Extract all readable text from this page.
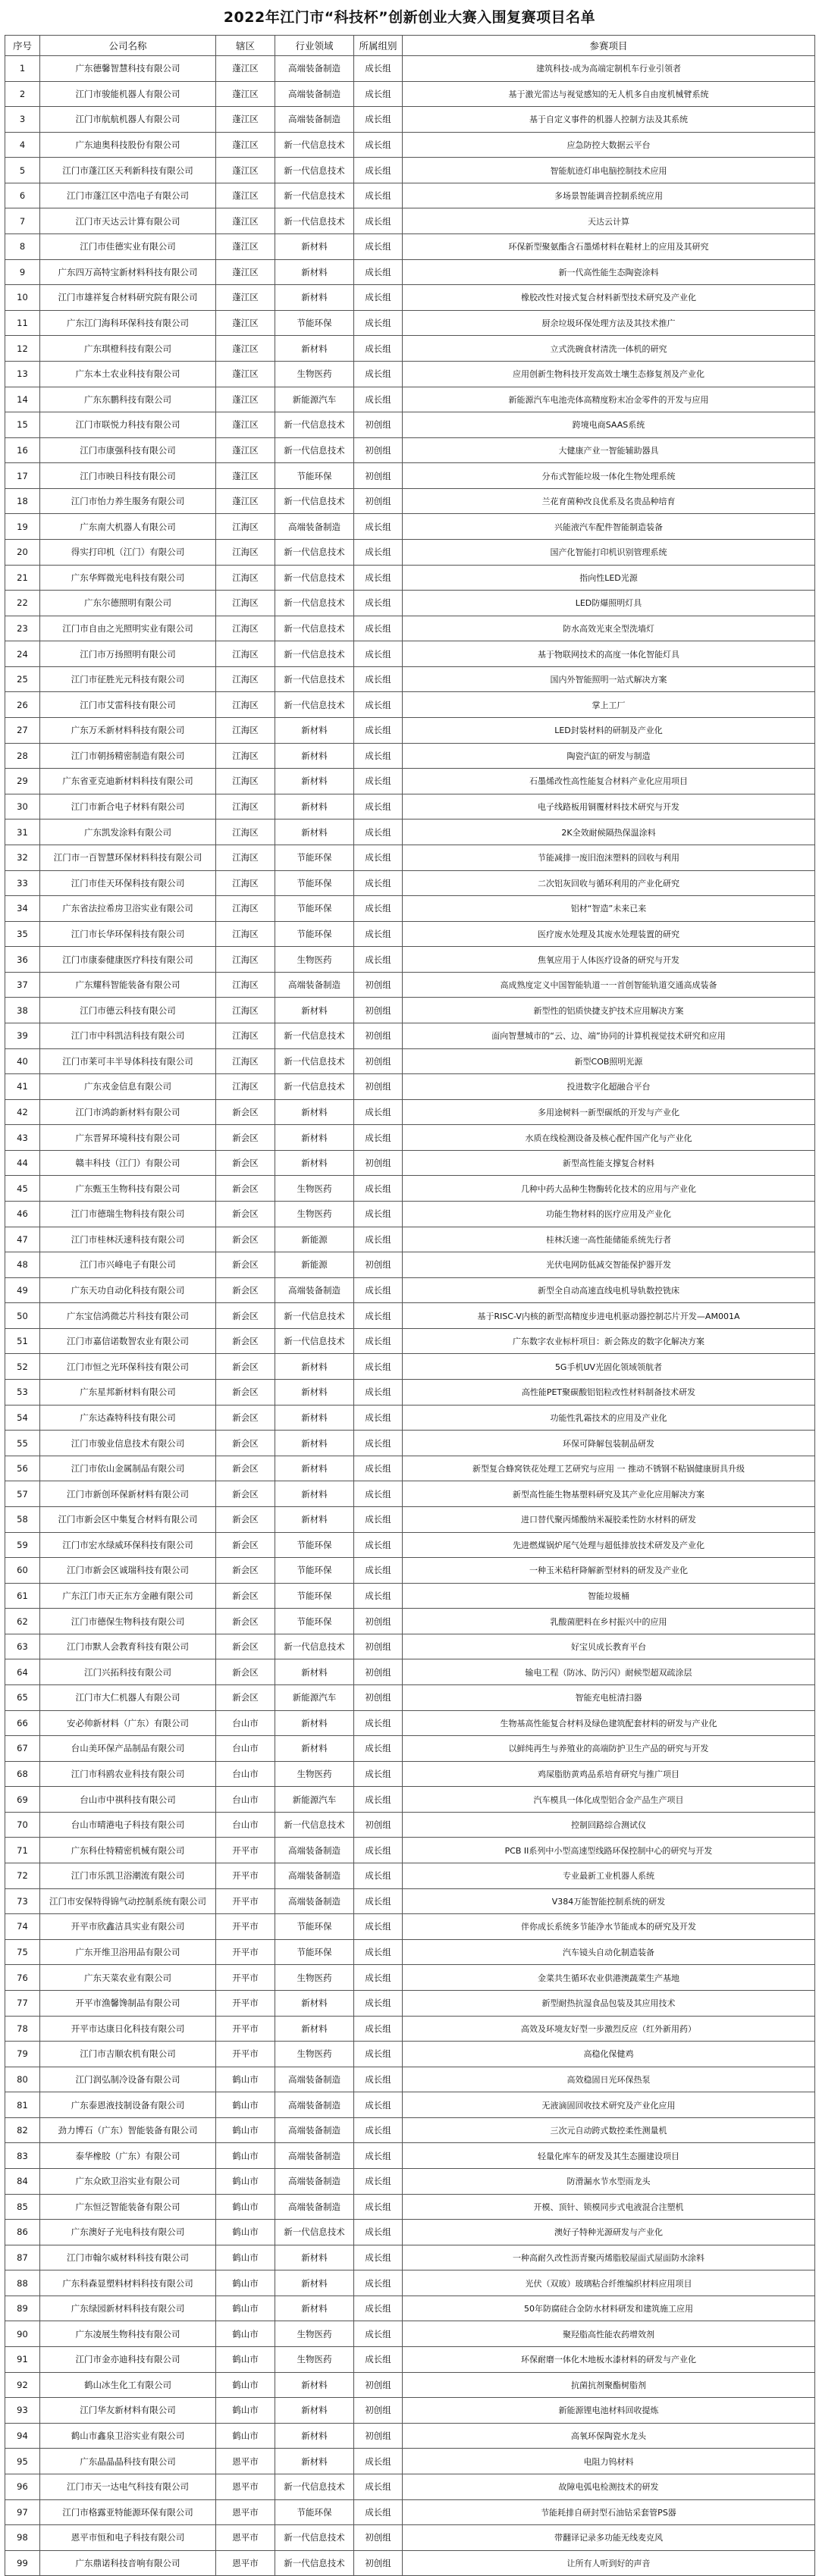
2022年江门市“科技杯”创新创业大赛入围复赛项目名单
序号	公司名称	辖区	行业领域	所属组别	参赛项目
1	广东德馨智慧科技有限公司	蓬江区	高端装备制造	成长组	建筑科技-成为高端定制机车行业引领者
2	江门市骏能机器人有限公司	蓬江区	高端装备制造	成长组	基于激光雷达与视觉感知的无人机多自由度机械臂系统
3	江门市航航机器人有限公司	蓬江区	高端装备制造	成长组	基于自定义事件的机器人控制方法及其系统
4	广东迪奥科技股份有限公司	蓬江区	新一代信息技术	成长组	应急防控大数据云平台
5	江门市蓬江区天利新科技有限公司	蓬江区	新一代信息技术	成长组	智能航迹灯串电脑控制技术应用
6	江门市蓬江区中浩电子有限公司	蓬江区	新一代信息技术	成长组	多场景智能调音控制系统应用
7	江门市天达云计算有限公司	蓬江区	新一代信息技术	成长组	天达云计算
8	江门市佳德实业有限公司	蓬江区	新材料	成长组	环保新型聚氨酯含石墨烯材料在鞋材上的应用及其研究
9	广东四万高特宝新材料科技有限公司	蓬江区	新材料	成长组	新一代高性能生态陶瓷涂料
10	江门市雄祥复合材料研究院有限公司	蓬江区	新材料	成长组	橡胶改性对接式复合材料新型技术研究及产业化
11	广东江门海科环保科技有限公司	蓬江区	节能环保	成长组	厨余垃圾环保处理方法及其技术推广
12	广东琪橙科技有限公司	蓬江区	新材料	成长组	立式洗碗食材清洗一体机的研究
13	广东本土农业科技有限公司	蓬江区	生物医药	成长组	应用创新生物科技开发高效土壤生态修复剂及产业化
14	广东东鹏科技有限公司	蓬江区	新能源汽车	成长组	新能源汽车电池壳体高精度粉末冶金零件的开发与应用
15	江门市联悦力科技有限公司	蓬江区	新一代信息技术	初创组	跨境电商SAAS系统
16	江门市康强科技有限公司	蓬江区	新一代信息技术	初创组	大健康产业一智能辅助器具
17	江门市映日科技有限公司	蓬江区	节能环保	初创组	分布式智能垃圾一体化生物处理系统
18	江门市怡力养生服务有限公司	蓬江区	新一代信息技术	初创组	兰花育菌种改良优系及名贵品种培育
19	广东南大机器人有限公司	江海区	高端装备制造	成长组	兴能液汽车配件智能制造装备
20	得实打印机（江门）有限公司	江海区	新一代信息技术	成长组	国产化智能打印机识别管理系统
21	广东华辉微光电科技有限公司	江海区	新一代信息技术	成长组	指向性LED光源
22	广东尔德照明有限公司	江海区	新一代信息技术	成长组	LED防爆照明灯具
23	江门市自由之光照明实业有限公司	江海区	新一代信息技术	成长组	防水高效光束全型洗墙灯
24	江门市万扬照明有限公司	江海区	新一代信息技术	成长组	基于物联网技术的高度一体化智能灯具
25	江门市征胜光元科技有限公司	江海区	新一代信息技术	成长组	国内外智能照明一站式解决方案
26	江门市艾雷科技有限公司	江海区	新一代信息技术	成长组	掌上工厂
27	广东万禾新材料科技有限公司	江海区	新材料	成长组	LED封装材料的研制及产业化
28	江门市朝扬精密制造有限公司	江海区	新材料	成长组	陶瓷汽缸的研发与制造
29	广东省亚克迪新材料科技有限公司	江海区	新材料	成长组	石墨烯改性高性能复合材料产业化应用项目
30	江门市新合电子材料有限公司	江海区	新材料	成长组	电子线路板用铜覆材料技术研究与开发
31	广东凯发涂料有限公司	江海区	新材料	成长组	2K全效耐候隔热保温涂料
32	江门市一百智慧环保材料科技有限公司	江海区	节能环保	成长组	节能减排一废旧泡沫塑料的回收与利用
33	江门市佳天环保科技有限公司	江海区	节能环保	成长组	二次铝灰回收与循环利用的产业化研究
34	广东省法拉希房卫浴实业有限公司	江海区	节能环保	成长组	铝材“智造”未来已来
35	江门市长华环保科技有限公司	江海区	节能环保	成长组	医疗废水处理及其废水处理装置的研究
36	江门市康泰健康医疗科技有限公司	江海区	生物医药	成长组	焦氧应用于人体医疗设备的研究与开发
37	广东耀科智能装备有限公司	江海区	高端装备制造	初创组	高成熟度定义中国智能轨道一一首创智能轨道交通高成装备
38	江门市德云科技有限公司	江海区	新材料	初创组	新型性的铝质快捷支护技术应用解决方案
39	江门市中科凯洁科技有限公司	江海区	新一代信息技术	初创组	面向智慧城市的“云、边、端”协同的计算机视觉技术研究和应用
40	江门市莱可丰半导体科技有限公司	江海区	新一代信息技术	初创组	新型COB照明光源
41	广东戎金信息有限公司	江海区	新一代信息技术	初创组	投进数字化超融合平台
42	江门市鸿韵新材料有限公司	新会区	新材料	成长组	多用途树料一新型碳纸的开发与产业化
43	广东晋昇环境科技有限公司	新会区	新材料	成长组	水质在线检测设备及核心配件国产化与产业化
44	赣丰科技（江门）有限公司	新会区	新材料	初创组	新型高性能支撑复合材料
45	广东甄玉生物科技有限公司	新会区	生物医药	成长组	几种中药大品种生物酶转化技术的应用与产业化
46	江门市德瑞生物科技有限公司	新会区	生物医药	成长组	功能生物材料的医疗应用及产业化
47	江门市桂林沃速科技有限公司	新会区	新能源	成长组	桂林沃速一高性能储能系统先行者
48	江门市兴峰电子有限公司	新会区	新能源	初创组	光伏电网防低减交智能保护器开发
49	广东天功自动化科技有限公司	新会区	高端装备制造	成长组	新型全自动高速直线电机导轨数控铣床
50	广东宝信鸿微芯片科技有限公司	新会区	新一代信息技术	成长组	基于RISC-V内核的新型高精度步进电机驱动器控制芯片开发—AM001A
51	江门市嘉信诺数智农业有限公司	新会区	新一代信息技术	成长组	广东数字农业标杆项目：新会陈皮的数字化解决方案
52	江门市恒之光环保科技有限公司	新会区	新材料	成长组	5G手机UV光固化领域领航者
53	广东星邦新材料有限公司	新会区	新材料	成长组	高性能PET聚碳酸铝铝粒改性材料制备技术研发
54	广东达森特科技有限公司	新会区	新材料	成长组	功能性乳霜技术的应用及产业化
55	江门市骏业信息技术有限公司	新会区	新材料	成长组	环保可降解包装制品研发
56	江门市依山金属制品有限公司	新会区	新材料	成长组	新型复合蜂窝铁花处理工艺研究与应用 一 推动不锈钢不粘锅健康厨具升级
57	江门市新创环保新材料有限公司	新会区	新材料	成长组	新型高性能生物基塑料研究及其产业化应用解决方案
58	江门市新会区中集复合材料有限公司	新会区	新材料	成长组	进口替代聚丙烯酸纳米凝胶柔性防水材料的研发
59	江门市宏水绿威环保科技有限公司	新会区	节能环保	成长组	先进燃煤锅炉尾气处理与超低排放技术研发及产业化
60	江门市新会区诚瑞科技有限公司	新会区	节能环保	成长组	一种玉米秸秆降解新型材料的研发及产业化
61	广东江门市天正东方金融有限公司	新会区	节能环保	成长组	智能垃圾桶
62	江门市德保生物科技有限公司	新会区	节能环保	初创组	乳酸菌肥料在乡村振兴中的应用
63	江门市默人会教育科技有限公司	新会区	新一代信息技术	初创组	好宝贝成长教育平台
64	江门兴拓科技有限公司	新会区	新材料	初创组	输电工程（防冰、防污闪）耐候型超双疏涂层
65	江门市大仁机器人有限公司	新会区	新能源汽车	初创组	智能充电桩清扫器
66	安必帅新材料（广东）有限公司	台山市	新材料	成长组	生物基高性能复合材料及绿色建筑配套材料的研发与产业化
67	台山美环保产品制品有限公司	台山市	新材料	成长组	以鲜纯再生与养殖业的高端防护卫生产品的研究与开发
68	江门市科鸥农业科技有限公司	台山市	生物医药	成长组	鸡屎脂肪黄鸡品系培育研究与推广项目
69	台山市中祺科技有限公司	台山市	新能源汽车	成长组	汽车模具一体化成型铝合金产品生产项目
70	台山市晴港电子科技有限公司	台山市	新一代信息技术	初创组	控制回路综合测试仪
71	广东科仕特精密机械有限公司	开平市	高端装备制造	成长组	PCB II系列中小型高速型线路环保控制中心的研究与开发
72	江门市乐凯卫浴潮流有限公司	开平市	高端装备制造	成长组	专业最新工业机器人系统
73	江门市安保特得锦气动控制系统有限公司	开平市	高端装备制造	成长组	V384万能智能控制系统的研发
74	开平市欣鑫洁具实业有限公司	开平市	节能环保	成长组	伴你成长系统多节能净水节能成本的研究及开发
75	广东开维卫浴用品有限公司	开平市	节能环保	成长组	汽车镜头自动化制造装备
76	广东天菜农业有限公司	开平市	生物医药	成长组	金菜共生循环农业供港澳蔬菜生产基地
77	开平市渔馨馋制品有限公司	开平市	新材料	成长组	新型耐热抗湿食品包装及其应用技术
78	开平市达康日化科技有限公司	开平市	新材料	成长组	高效及环境友好型一步激烈反应（红外新用药）
79	江门市吉顺农机有限公司	开平市	生物医药	成长组	高稳化保健鸡
80	江门润弘制冷设备有限公司	鹤山市	高端装备制造	成长组	高效稳固日光环保热泵
81	广东泰恩液技制设备有限公司	鹤山市	高端装备制造	成长组	无液滴固回收技术研究及产业化应用
82	劲力博石（广东）智能装备有限公司	鹤山市	高端装备制造	成长组	三次元自动跨式数控柔性测量机
83	泰华橡胶（广东）有限公司	鹤山市	高端装备制造	成长组	轻量化库车的研发及其生态圈建设项目
84	广东众欧卫浴实业有限公司	鹤山市	高端装备制造	成长组	防滑漏水节水型雨龙头
85	广东恒泛智能装备有限公司	鹤山市	高端装备制造	成长组	开模、顶针、锁模同步式电液混合注塑机
86	广东澳好子光电科技有限公司	鹤山市	新一代信息技术	成长组	澳好子特种光源研发与产业化
87	江门市翰尔威材料科技有限公司	鹤山市	新材料	成长组	一种高耐久改性沥青聚丙烯脂胶屋面式屋面防水涂料
88	广东科森显塑料材料科技有限公司	鹤山市	新材料	成长组	光伏（双玻）玻璃粘合纤维编织材料应用项目
89	广东绿园新材料科技有限公司	鹤山市	新材料	成长组	50年防腐硅合金防水材料研发和建筑施工应用
90	广东凌展生物科技有限公司	鹤山市	生物医药	成长组	聚羟脂高性能农药增效剂
91	江门市金亦迪科技有限公司	鹤山市	生物医药	成长组	环保耐磨一体化木地板水漆材料的研发与产业化
92	鹤山冰生化工有限公司	鹤山市	新材料	初创组	抗菌抗剂聚酯树脂剂
93	江门华友新材料有限公司	鹤山市	新材料	初创组	新能源锂电池材料回收提炼
94	鹤山市鑫泉卫浴实业有限公司	鹤山市	新材料	初创组	高氧环保陶瓷水龙头
95	广东晶晶晶科技有限公司	恩平市	新材料	成长组	电阻力钨材料
96	江门市天一达电气科技有限公司	恩平市	新一代信息技术	成长组	故障电弧电检测技术的研发
97	江门市格露亚特能源环保有限公司	恩平市	节能环保	成长组	节能耗排自研封型石油钻采套管PS器
98	恩平市恒和电子科技有限公司	恩平市	新一代信息技术	初创组	带翻译记录多功能无线麦克风
99	广东鼎诺科技音响有限公司	恩平市	新一代信息技术	初创组	让所有人听到好的声音
